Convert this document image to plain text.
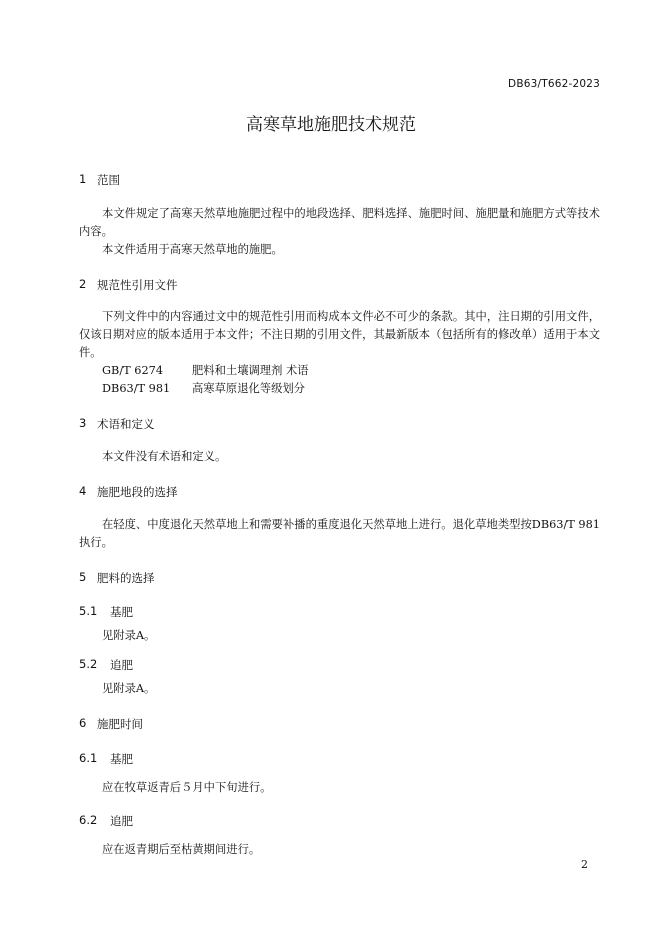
DB63/T662-2023
高寒草地施肥技术规范
1 范围
本文件规定了高寒天然草地施肥过程中的地段选择、肥料选择、施肥时间、施肥量和施肥方式等技术内容。
本文件适用于高寒天然草地的施肥。
2 规范性引用文件
下列文件中的内容通过文中的规范性引用而构成本文件必不可少的条款。其中，注日期的引用文件，仅该日期对应的版本适用于本文件；不注日期的引用文件，其最新版本（包括所有的修改单）适用于本文件。
GB/T 6274	肥料和土壤调理剂 术语
DB63/T 981	高寒草原退化等级划分
3 术语和定义
本文件没有术语和定义。
4 施肥地段的选择
在轻度、中度退化天然草地上和需要补播的重度退化天然草地上进行。退化草地类型按DB63/T 981执行。
5 肥料的选择
5.1	基肥
见附录A。
5.2	追肥
见附录A。
6 施肥时间
6.1	基肥
应在牧草返青后５月中下旬进行。
6.2	追肥
应在返青期后至枯黄期间进行。
2
